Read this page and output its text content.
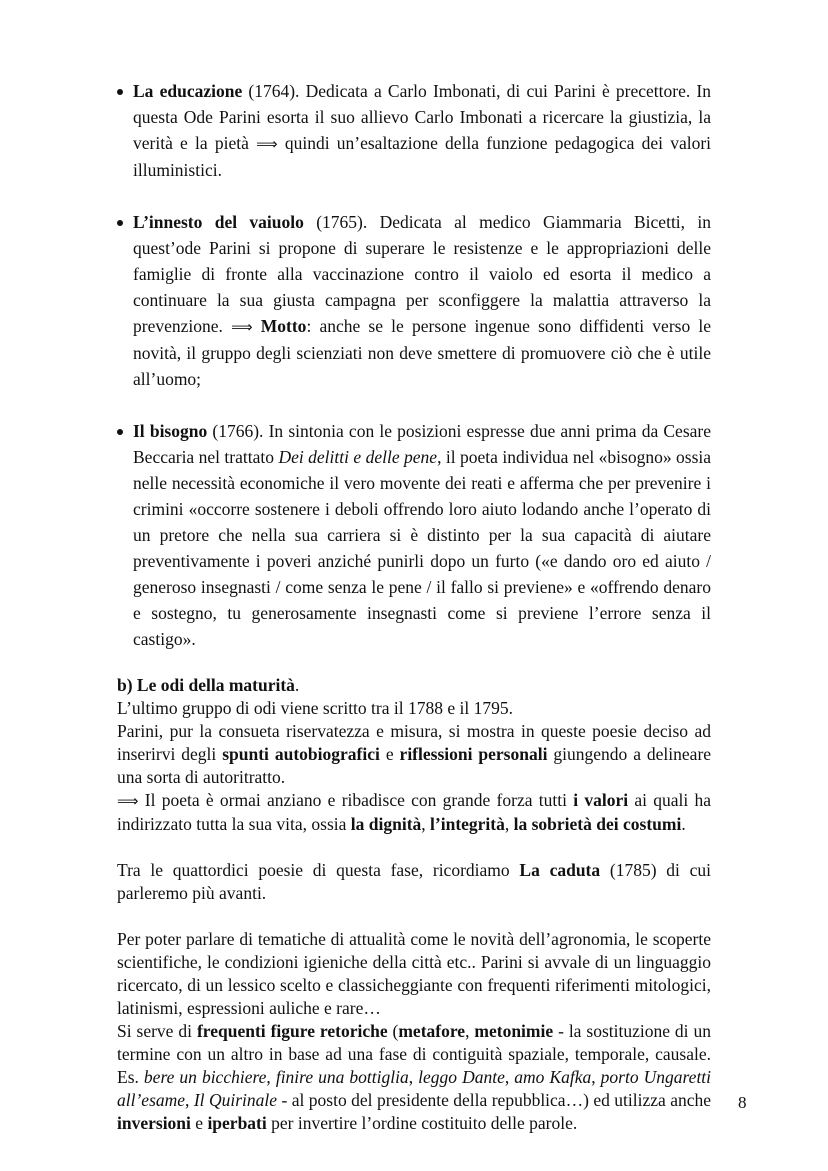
La educazione (1764). Dedicata a Carlo Imbonati, di cui Parini è precettore. In questa Ode Parini esorta il suo allievo Carlo Imbonati a ricercare la giustizia, la verità e la pietà ⟹ quindi un’esaltazione della funzione pedagogica dei valori illuministici.
L’innesto del vaiuolo (1765). Dedicata al medico Giammaria Bicetti, in quest’ode Parini si propone di superare le resistenze e le appropriazioni delle famiglie di fronte alla vaccinazione contro il vaiolo ed esorta il medico a continuare la sua giusta campagna per sconfiggere la malattia attraverso la prevenzione. ⟹ Motto: anche se le persone ingenue sono diffidenti verso le novità, il gruppo degli scienziati non deve smettere di promuovere ciò che è utile all’uomo;
Il bisogno (1766). In sintonia con le posizioni espresse due anni prima da Cesare Beccaria nel trattato Dei delitti e delle pene, il poeta individua nel «bisogno» ossia nelle necessità economiche il vero movente dei reati e afferma che per prevenire i crimini «occorre sostenere i deboli offrendo loro aiuto lodando anche l’operato di un pretore che nella sua carriera si è distinto per la sua capacità di aiutare preventivamente i poveri anziché punirli dopo un furto («e dando oro ed aiuto / generoso insegnasti / come senza le pene / il fallo si previene» e «offrendo denaro e sostegno, tu generosamente insegnasti come si previene l’errore senza il castigo».

b) Le odi della maturità.

L’ultimo gruppo di odi viene scritto tra il 1788 e il 1795.

Parini, pur la consueta riservatezza e misura, si mostra in queste poesie deciso ad inserirvi degli spunti autobiografici e riflessioni personali giungendo a delineare una sorta di autoritratto.

⟹ Il poeta è ormai anziano e ribadisce con grande forza tutti i valori ai quali ha indirizzato tutta la sua vita, ossia la dignità, l’integrità, la sobrietà dei costumi.

Tra le quattordici poesie di questa fase, ricordiamo La caduta (1785) di cui parleremo più avanti.

Per poter parlare di tematiche di attualità come le novità dell’agronomia, le scoperte scientifiche, le condizioni igieniche della città etc.. Parini si avvale di un linguaggio ricercato, di un lessico scelto e classicheggiante con frequenti riferimenti mitologici, latinismi, espressioni auliche e rare…

Si serve di frequenti figure retoriche (metafore, metonimie - la sostituzione di un termine con un altro in base ad una fase di contiguità spaziale, temporale, causale. Es. bere un bicchiere, finire una bottiglia, leggo Dante, amo Kafka, porto Ungaretti all’esame, Il Quirinale - al posto del presidente della repubblica…) ed utilizza anche inversioni e iperbati per invertire l’ordine costituito delle parole.

8
